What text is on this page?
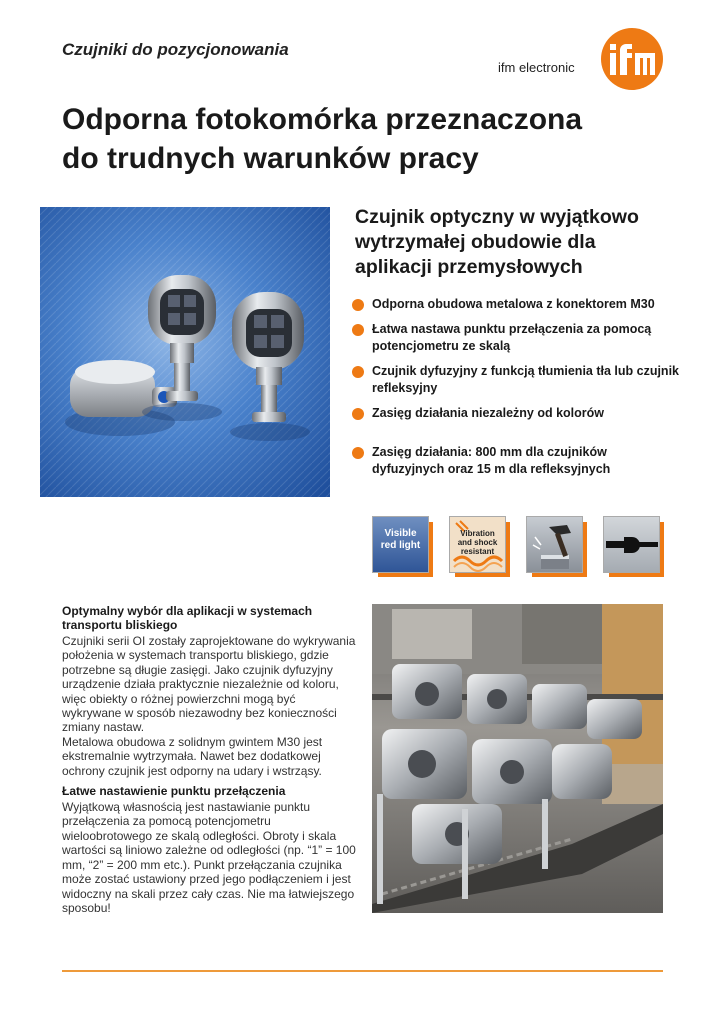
Czujniki do pozycjonowania
ifm electronic
Odporna fotokomórka przeznaczona
do trudnych warunków pracy
Czujnik optyczny w wyjątkowo
wytrzymałej obudowie dla
aplikacji przemysłowych
Odporna obudowa metalowa z konektorem M30
Łatwa nastawa punktu przełączenia za pomocą potencjometru ze skalą
Czujnik dyfuzyjny z funkcją tłumienia tła lub czujnik refleksyjny
Zasięg działania niezależny od kolorów
Zasięg działania: 800 mm dla czujników dyfuzyjnych oraz 15 m dla refleksyjnych
Visible
red light
Vibration
and shock
resistant
Optymalny wybór dla aplikacji w systemach transportu bliskiego

Czujniki serii OI zostały zaprojektowane do wykrywania położenia w systemach transportu bliskiego, gdzie potrzebne są długie zasięgi. Jako czujnik dyfuzyjny urządzenie działa praktycznie niezależnie od koloru, więc obiekty o różnej powierzchni mogą być wykrywane w sposób niezawodny bez konieczności zmiany nastaw.

Metalowa obudowa z solidnym gwintem M30 jest ekstremalnie wytrzymała. Nawet bez dodatkowej ochrony czujnik jest odporny na udary i wstrząsy.

Łatwe nastawienie punktu przełączenia

Wyjątkową własnością jest nastawianie punktu przełączenia za pomocą potencjometru wieloobrotowego ze skalą odległości. Obroty i skala wartości są liniowo zależne od odległości (np. “1” = 100 mm, “2” = 200 mm etc.). Punkt przełączania czujnika może zostać ustawiony przed jego podłączeniem i jest widoczny na skali przez cały czas. Nie ma łatwiejszego sposobu!
